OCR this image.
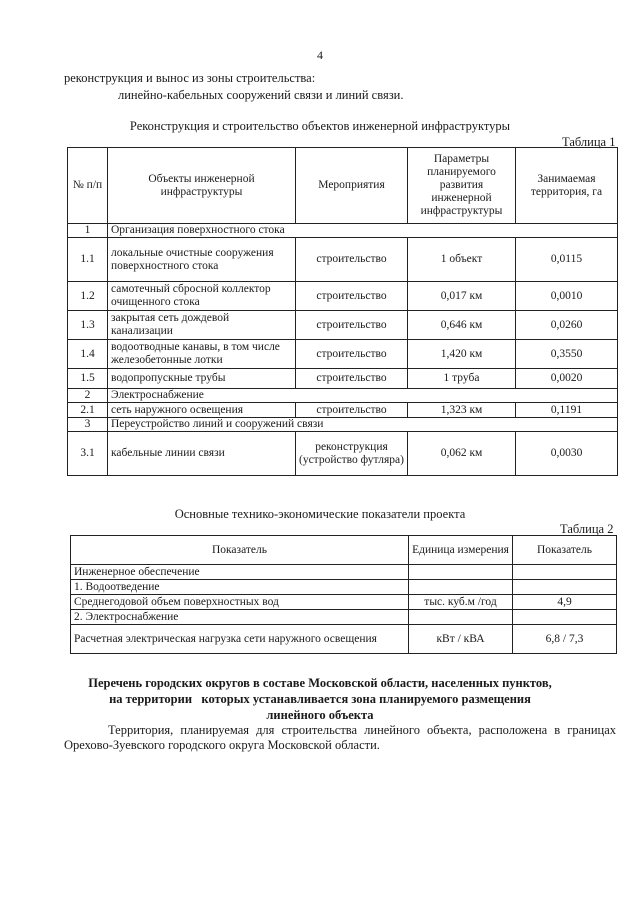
4
реконструкция и вынос из зоны строительства:
линейно-кабельных сооружений связи и линий связи.
Реконструкция и строительство объектов инженерной инфраструктуры
Таблица 1
№ п/п	Объекты инженерной инфраструктуры	Мероприятия	Параметры планируемого развития инженерной инфраструктуры	Занимаемая территория, га
1	Организация поверхностного стока			
1.1	локальные очистные сооружения поверхностного стока	строительство	1 объект	0,0115
1.2	самотечный сбросной коллектор очищенного стока	строительство	0,017 км	0,0010
1.3	закрытая сеть дождевой канализации	строительство	0,646 км	0,0260
1.4	водоотводные канавы, в том числе железобетонные лотки	строительство	1,420 км	0,3550
1.5	водопропускные трубы	строительство	1 труба	0,0020
2	Электроснабжение			
2.1	сеть наружного освещения	строительство	1,323 км	0,1191
3	Переустройство линий и сооружений связи			
3.1	кабельные линии связи	реконструкция (устройство футляра)	0,062 км	0,0030
Основные технико-экономические показатели проекта
Таблица 2
Показатель	Единица измерения	Показатель
Инженерное обеспечение		
1. Водоотведение		
Среднегодовой объем поверхностных вод	тыс. куб.м /год	4,9
2. Электроснабжение		
Расчетная электрическая нагрузка сети наружного освещения	кВт / кВА	6,8 / 7,3
Перечень городских округов в составе Московской области, населенных пунктов,
на территории   которых устанавливается зона планируемого размещения
линейного объекта
Территория, планируемая для строительства линейного объекта, расположена в границах
Орехово-Зуевского городского округа Московской области.
